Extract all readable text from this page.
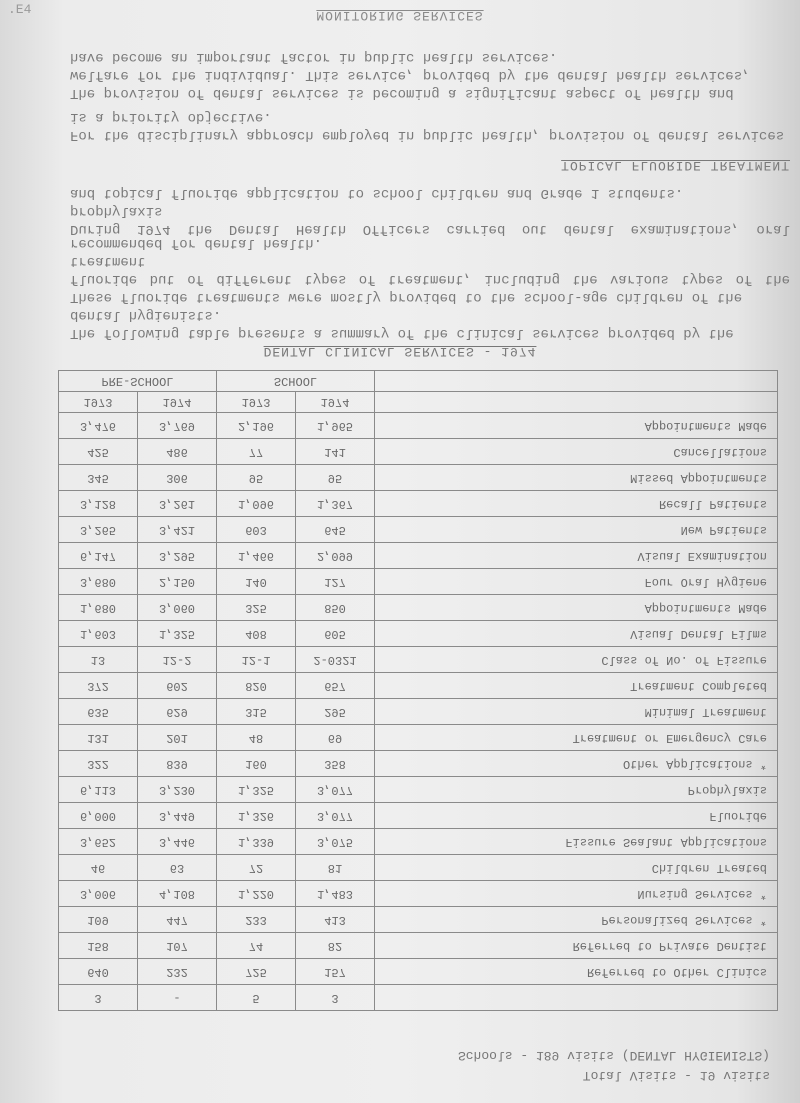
.E4	MONITORING SERVICES
The provision of dental services is becoming a significant aspect of health and
welfare for the individual. This service, provided by the dental health services,
have become an important factor in public health services.
For the disciplinary approach employed in public health, provision of dental services
is a priority objective.
TOPICAL FLUORIDE TREATMENT
During 1974 the Dental Health Officers carried out dental examinations, oral prophylaxis
and topical fluoride application to school children and Grade 1 students.
These fluoride treatments were mostly provided to the school-age children of the
fluoride but of different types of treatment, including the various types of the treatment
recommended for dental health.
The following table presents a summary of the clinical services provided by the
dental hygienists.
DENTAL CLINICAL SERVICES - 1974
PRE-SCHOOL		SCHOOL		
1973	1974	1973	1974	
3,476	3,769	2,196	1,965	Appointments Made
425	486	77	141	Cancellations
345	306	95	95	Missed Appointments
3,128	3,261	1,096	1,367	Recall Patients
3,265	3,421	603	645	New Patients
6,147	3,295	1,466	2,099	Visual Examination
3,680	2,150	140	127	Four Oral Hygiene
1,680	3,060	325	850	Appointments Made
1,603	1,325	408	605	Visual Dental Films
13	12-2	12-1	2-0321	Class of No. of Fissure
372	602	820	657	Treatment Completed
635	629	315	295	Minimal Treatment
131	201	48	69	Treatment or Emergency Care
322	839	160	358	Other Applications *
6,113	3,230	1,325	3,077	Prophylaxis
6,000	3,449	1,326	3,077	Fluoride
3,652	3,446	1,339	3,075	Fissure Sealant Applications
46	63	72	81	Children Treated
3,006	4,108	1,220	1,483	Nursing Services *
109	447	233	413	Personalized Services *
158	107	74	82	Referred to Private Dentist
640	232	725	157	Referred to Other Clinics
3	-	5	3	
Schools - 189 visits (DENTAL HYGIENISTS)
Total Visits - 19 visits
